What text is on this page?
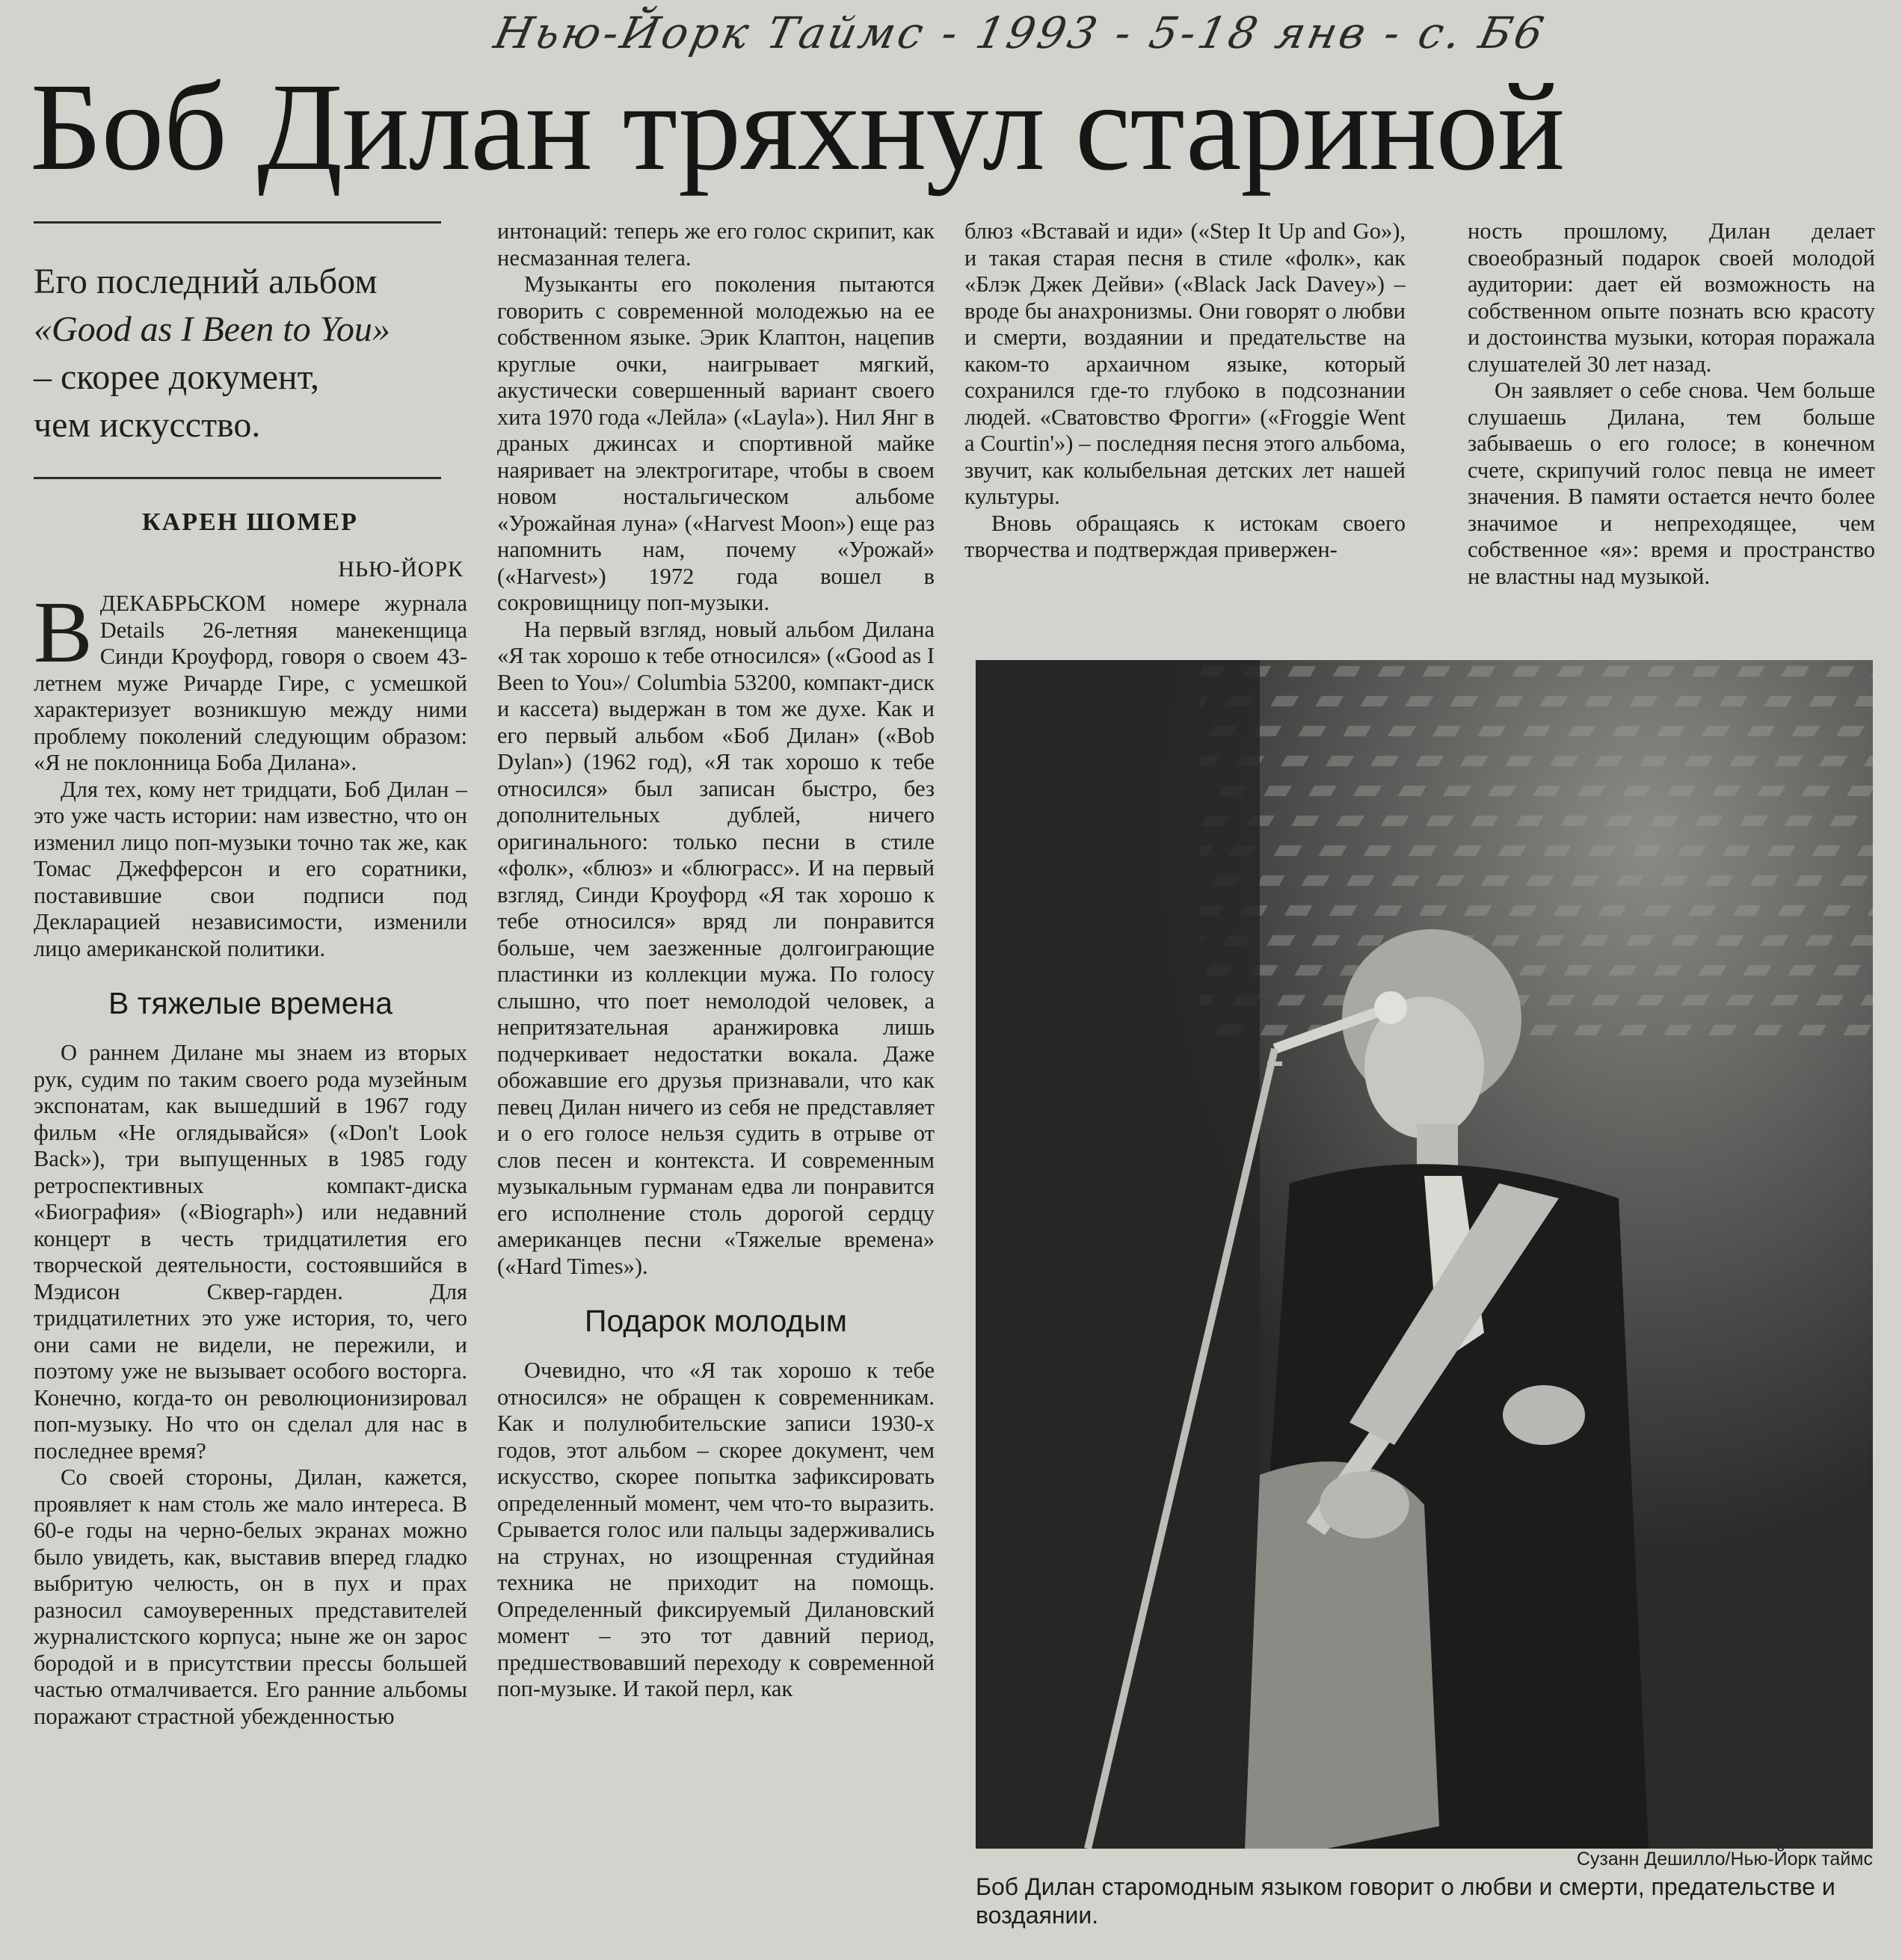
Нью-Йорк Таймс - 1993 - 5-18 янв - с. Б6
Боб Дилан тряхнул стариной
Его последний альбом
«Good as I Been to You»
– скорее документ,
чем искусство.
КАРЕН ШОМЕР
НЬЮ-ЙОРК

В ДЕКАБРЬСКОМ номере журнала Details 26-летняя манекенщица Синди Кроуфорд, говоря о своем 43-летнем муже Ричарде Гире, с усмешкой характеризует возникшую между ними проблему поколений следующим образом: «Я не поклонница Боба Дилана».

Для тех, кому нет тридцати, Боб Дилан – это уже часть истории: нам известно, что он изменил лицо поп-музыки точно так же, как Томас Джефферсон и его соратники, поставившие свои подписи под Декларацией независимости, изменили лицо американской политики.

В тяжелые времена

О раннем Дилане мы знаем из вторых рук, судим по таким своего рода музейным экспонатам, как вышедший в 1967 году фильм «Не оглядывайся» («Don't Look Back»), три выпущенных в 1985 году ретроспективных компакт-диска «Биография» («Biograph») или недавний концерт в честь тридцатилетия его творческой деятельности, состоявшийся в Мэдисон Сквер-гарден. Для тридцатилетних это уже история, то, чего они сами не видели, не пережили, и поэтому уже не вызывает особого восторга. Конечно, когда-то он революционизировал поп-музыку. Но что он сделал для нас в последнее время?

Со своей стороны, Дилан, кажется, проявляет к нам столь же мало интереса. В 60-е годы на черно-белых экранах можно было увидеть, как, выставив вперед гладко выбритую челюсть, он в пух и прах разносил самоуверенных представителей журналистского корпуса; ныне же он зарос бородой и в присутствии прессы большей частью отмалчивается. Его ранние альбомы поражают страстной убежденностью

интонаций: теперь же его голос скрипит, как несмазанная телега.

Музыканты его поколения пытаются говорить с современной молодежью на ее собственном языке. Эрик Клаптон, нацепив круглые очки, наигрывает мягкий, акустически совершенный вариант своего хита 1970 года «Лейла» («Layla»). Нил Янг в драных джинсах и спортивной майке наяривает на электрогитаре, чтобы в своем новом ностальгическом альбоме «Урожайная луна» («Harvest Moon») еще раз напомнить нам, почему «Урожай» («Harvest») 1972 года вошел в сокровищницу поп-музыки.

На первый взгляд, новый альбом Дилана «Я так хорошо к тебе относился» («Good as I Been to You»/ Columbia 53200, компакт-диск и кассета) выдержан в том же духе. Как и его первый альбом «Боб Дилан» («Bob Dylan») (1962 год), «Я так хорошо к тебе относился» был записан быстро, без дополнительных дублей, ничего оригинального: только песни в стиле «фолк», «блюз» и «блюграсс». И на первый взгляд, Синди Кроуфорд «Я так хорошо к тебе относился» вряд ли понравится больше, чем заезженные долгоиграющие пластинки из коллекции мужа. По голосу слышно, что поет немолодой человек, а непритязательная аранжировка лишь подчеркивает недостатки вокала. Даже обожавшие его друзья признавали, что как певец Дилан ничего из себя не представляет и о его голосе нельзя судить в отрыве от слов песен и контекста. И современным музыкальным гурманам едва ли понравится его исполнение столь дорогой сердцу американцев песни «Тяжелые времена» («Hard Times»).

Подарок молодым

Очевидно, что «Я так хорошо к тебе относился» не обращен к современникам. Как и полулюбительские записи 1930-х годов, этот альбом – скорее документ, чем искусство, скорее попытка зафиксировать определенный момент, чем что-то выразить. Срывается голос или пальцы задерживались на струнах, но изощренная студийная техника не приходит на помощь. Определенный фиксируемый Дилановский момент – это тот давний период, предшествовавший переходу к современной поп-музыке. И такой перл, как

блюз «Вставай и иди» («Step It Up and Go»), и такая старая песня в стиле «фолк», как «Блэк Джек Дейви» («Black Jack Davey») – вроде бы анахронизмы. Они говорят о любви и смерти, воздаянии и предательстве на каком-то архаичном языке, который сохранился где-то глубоко в подсознании людей. «Сватовство Фрогги» («Froggie Went a Courtin'») – последняя песня этого альбома, звучит, как колыбельная детских лет нашей культуры.

Вновь обращаясь к истокам своего творчества и подтверждая привержен-

ность прошлому, Дилан делает своеобразный подарок своей молодой аудитории: дает ей возможность на собственном опыте познать всю красоту и достоинства музыки, которая поражала слушателей 30 лет назад.

Он заявляет о себе снова. Чем больше слушаешь Дилана, тем больше забываешь о его голосе; в конечном счете, скрипучий голос певца не имеет значения. В памяти остается нечто более значимое и непреходящее, чем собственное «я»: время и пространство не властны над музыкой.

Сузанн Дешилло/Нью-Йорк таймс
Боб Дилан старомодным языком говорит о любви и смерти, предательстве и воздаянии.
